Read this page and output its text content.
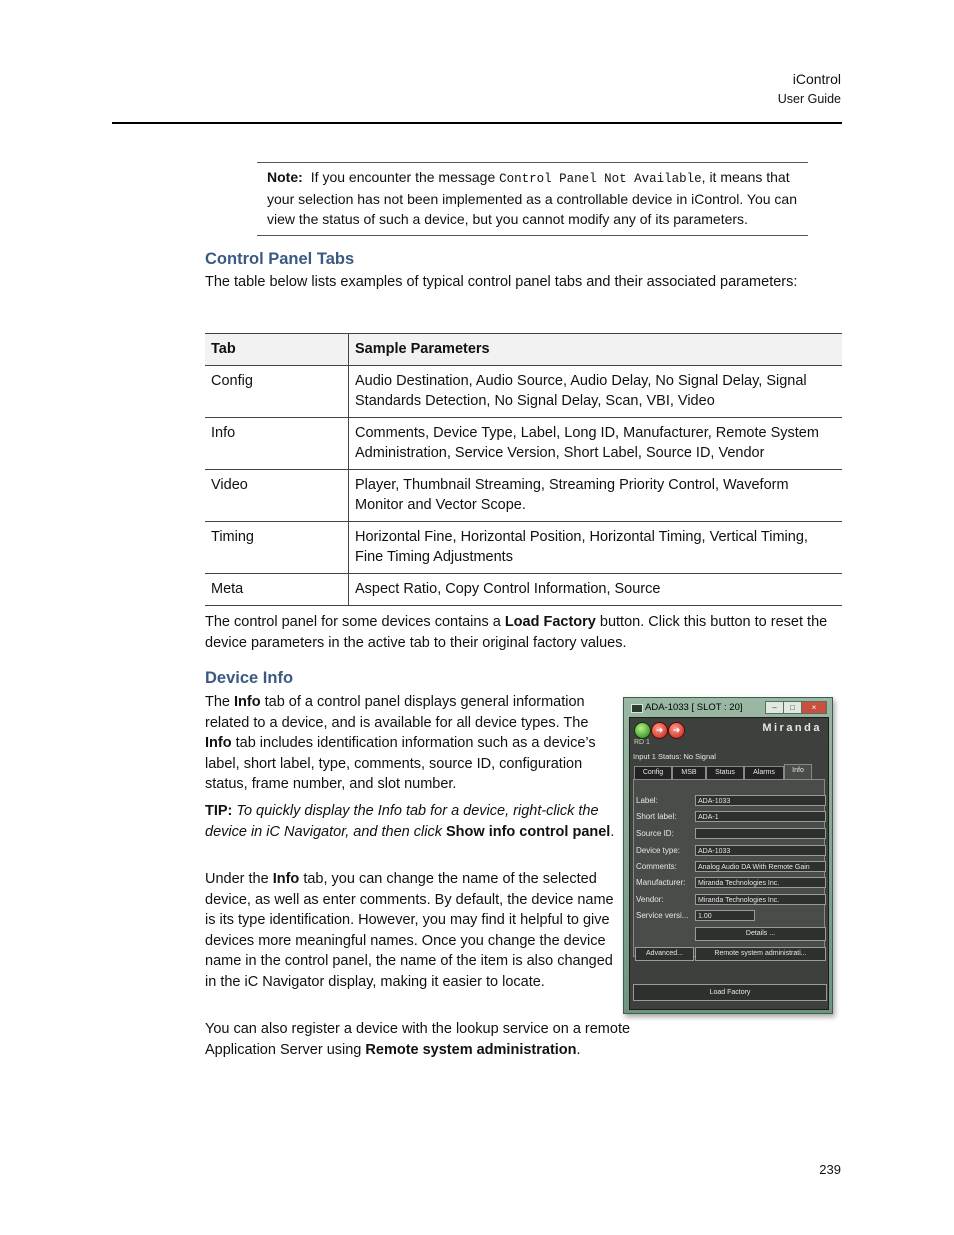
iControl
User Guide
Note: If you encounter the message Control Panel Not Available, it means that your selection has not been implemented as a controllable device in iControl. You can view the status of such a device, but you cannot modify any of its parameters.
Control Panel Tabs

The table below lists examples of typical control panel tabs and their associated parameters:

Tab	Sample Parameters
Config	Audio Destination, Audio Source, Audio Delay, No Signal Delay, Signal Standards Detection, No Signal Delay, Scan, VBI, Video
Info	Comments, Device Type, Label, Long ID, Manufacturer, Remote System Administration, Service Version, Short Label, Source ID, Vendor
Video	Player, Thumbnail Streaming, Streaming Priority Control, Waveform Monitor and Vector Scope.
Timing	Horizontal Fine, Horizontal Position, Horizontal Timing, Vertical Timing, Fine Timing Adjustments
Meta	Aspect Ratio, Copy Control Information, Source

The control panel for some devices contains a Load Factory button. Click this button to reset the device parameters in the active tab to their original factory values.

Device Info

The Info tab of a control panel displays general information related to a device, and is available for all device types. The Info tab includes identification information such as a device’s label, short label, type, comments, source ID, configuration status, frame number, and slot number.

TIP: To quickly display the Info tab for a device, right-click the device in iC Navigator, and then click Show info control panel.

Under the Info tab, you can change the name of the selected device, as well as enter comments. By default, the device name is its type identification. However, you may find it helpful to give devices more meaningful names. Once you change the device name in the control panel, the name of the item is also changed in the iC Navigator display, making it easier to locate.

You can also register a device with the lookup service on a remote Application Server using Remote system administration.

ADA-1033 [ SLOT : 20]	–	□	×
➜	➜	Miranda
RD 1
Input 1 Status: No Signal
Config	MSB	Status	Alarms	Info
Label:	ADA-1033
Short label:	ADA-1
Source ID:
Device type:	ADA-1033
Comments:	Analog Audio DA With Remote Gain
Manufacturer:	Miranda Technologies Inc.
Vendor:	Miranda Technologies Inc.
Service versi...	1.00
Details ...
Advanced...	Remote system administrati...
Load Factory
239
